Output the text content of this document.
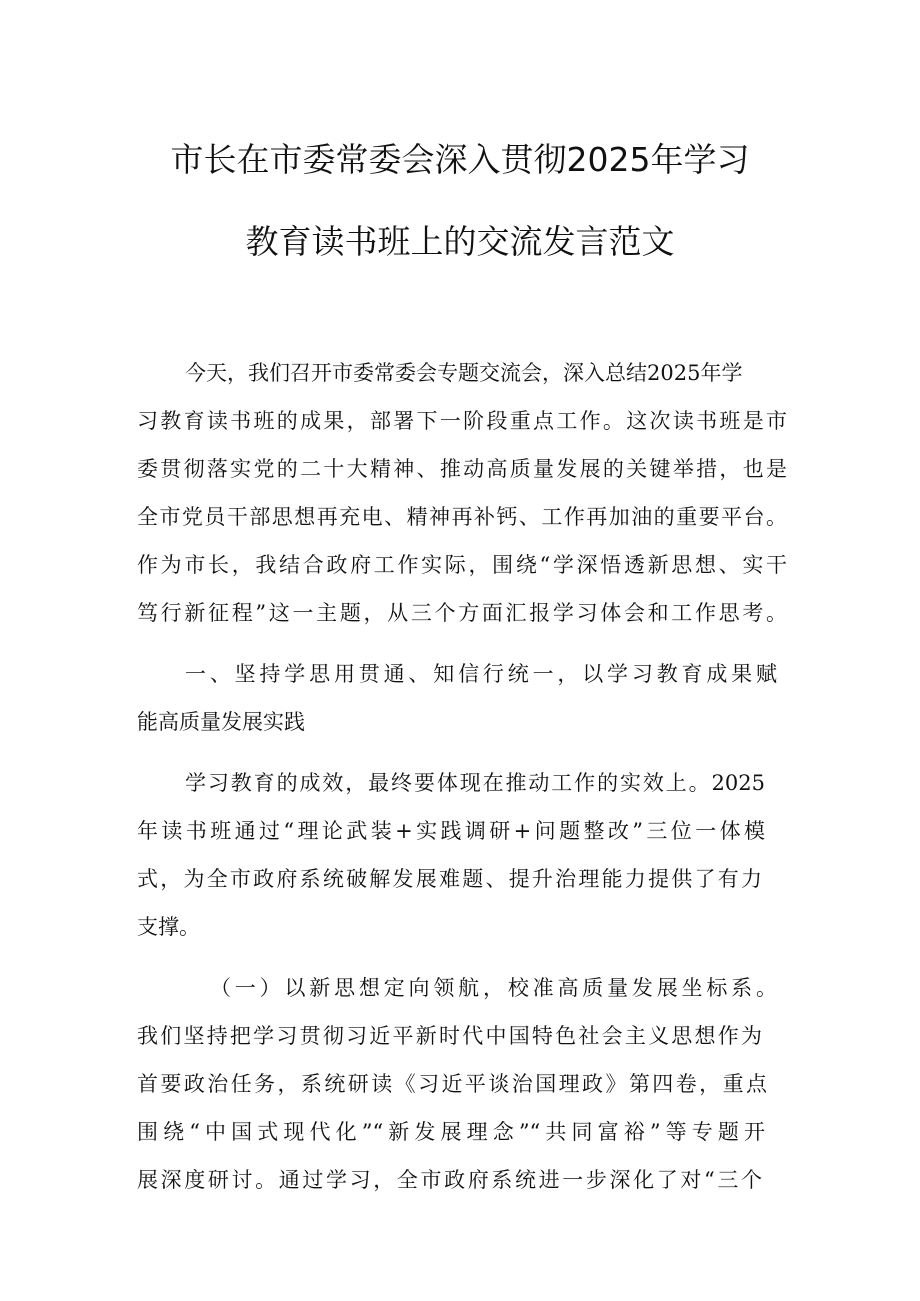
市长在市委常委会深入贯彻2025年学习
教育读书班上的交流发言范文

今天，我们召开市委常委会专题交流会，深入总结2025年学

习教育读书班的成果，部署下一阶段重点工作。这次读书班是市

委贯彻落实党的二十大精神、推动高质量发展的关键举措，也是

全市党员干部思想再充电、精神再补钙、工作再加油的重要平台。

作为市长，我结合政府工作实际，围绕“学深悟透新思想、实干

笃行新征程”这一主题，从三个方面汇报学习体会和工作思考。

一、坚持学思用贯通、知信行统一，以学习教育成果赋

能高质量发展实践

学习教育的成效，最终要体现在推动工作的实效上。2025

年读书班通过“理论武装+实践调研+问题整改”三位一体模

式，为全市政府系统破解发展难题、提升治理能力提供了有力

支撑。

（一）以新思想定向领航，校准高质量发展坐标系。

我们坚持把学习贯彻习近平新时代中国特色社会主义思想作为

首要政治任务，系统研读《习近平谈治国理政》第四卷，重点

围绕“中国式现代化”“新发展理念”“共同富裕”等专题开

展深度研讨。通过学习，全市政府系统进一步深化了对“三个
